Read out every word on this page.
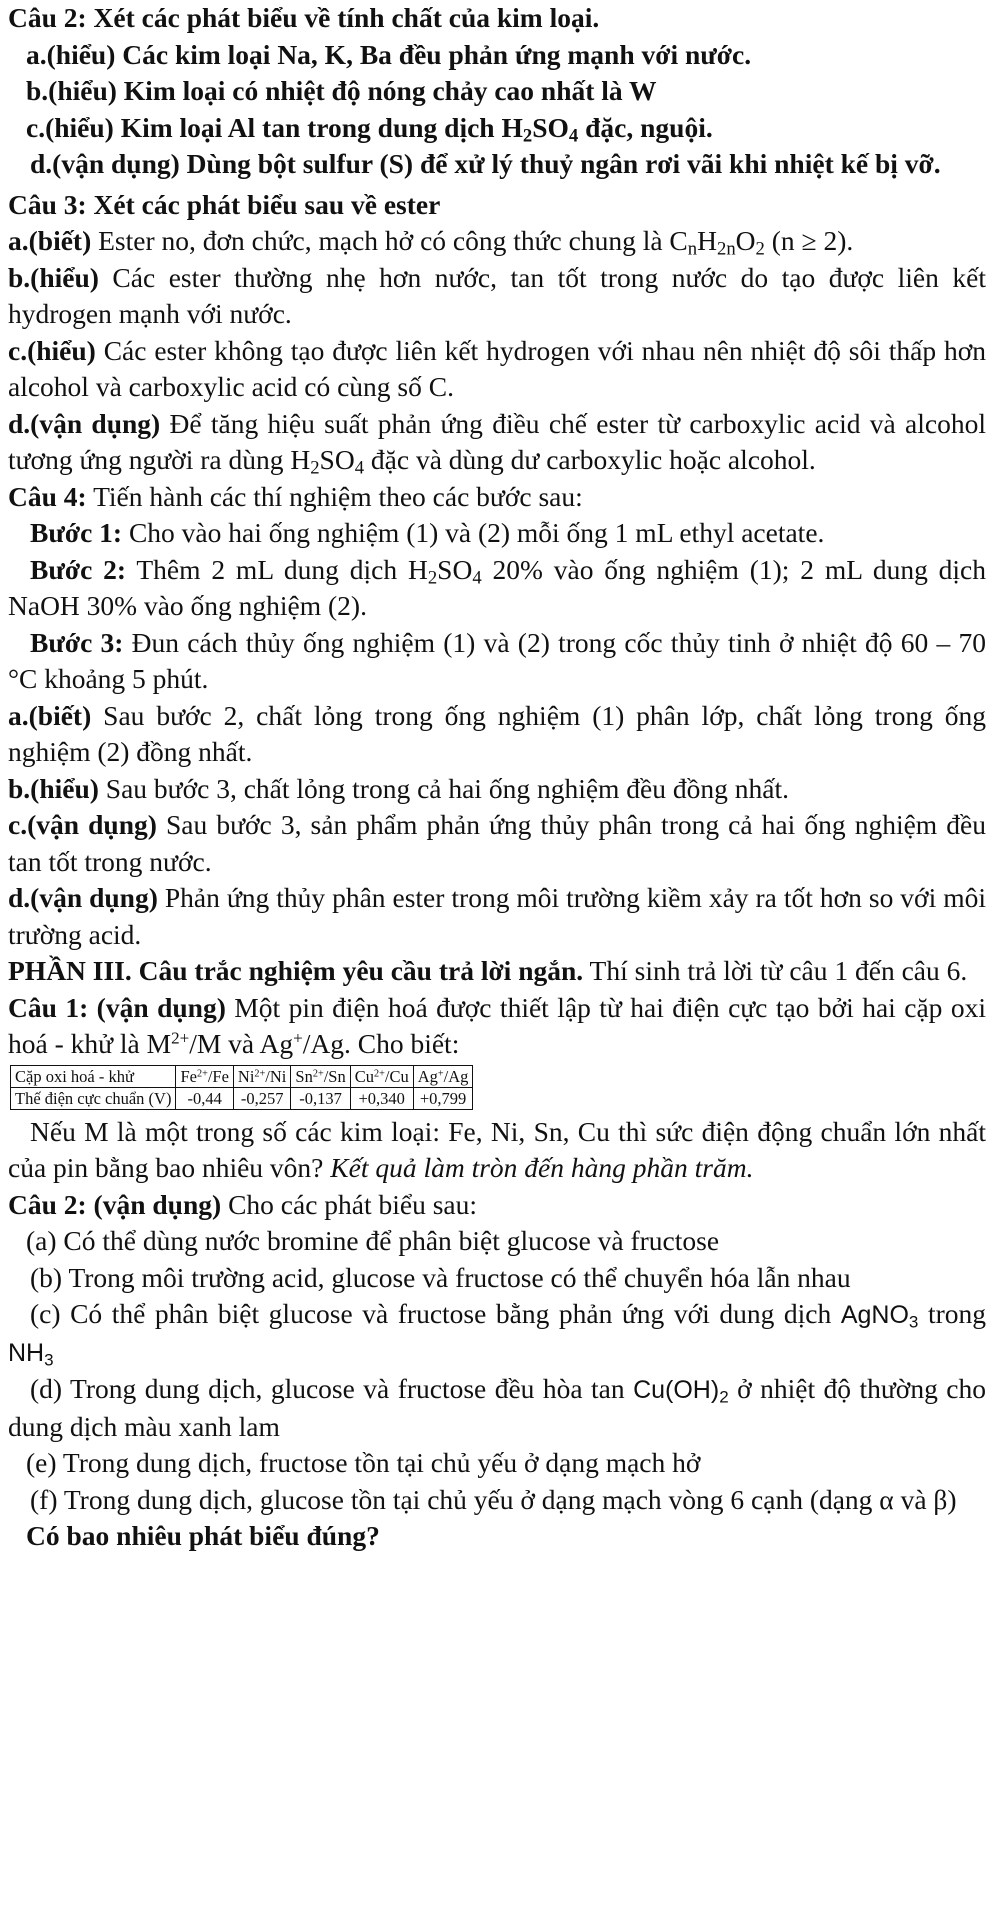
Câu 2: Xét các phát biểu về tính chất của kim loại.

a.(hiểu) Các kim loại Na, K, Ba đều phản ứng mạnh với nước.

b.(hiểu) Kim loại có nhiệt độ nóng chảy cao nhất là W

c.(hiểu) Kim loại Al tan trong dung dịch $H_2SO_4$ đặc, nguội.

d.(vận dụng) Dùng bột sulfur (S) để xử lý thuỷ ngân rơi vãi khi nhiệt kế bị vỡ.

Câu 3: Xét các phát biểu sau về ester

a.(biết) Ester no, đơn chức, mạch hở có công thức chung là $C_nH_{2n}O_2$ (n ≥ 2).

b.(hiểu) Các ester thường nhẹ hơn nước, tan tốt trong nước do tạo được liên kết hydrogen mạnh với nước.

c.(hiểu) Các ester không tạo được liên kết hydrogen với nhau nên nhiệt độ sôi thấp hơn alcohol và carboxylic acid có cùng số C.

d.(vận dụng) Để tăng hiệu suất phản ứng điều chế ester từ carboxylic acid và alcohol tương ứng người ra dùng $H_2SO_4$ đặc và dùng dư carboxylic hoặc alcohol.

Câu 4: Tiến hành các thí nghiệm theo các bước sau:

Bước 1: Cho vào hai ống nghiệm (1) và (2) mỗi ống 1 mL ethyl acetate.

Bước 2: Thêm 2 mL dung dịch $H_2SO_4$ 20% vào ống nghiệm (1); 2 mL dung dịch NaOH 30% vào ống nghiệm (2).

Bước 3: Đun cách thủy ống nghiệm (1) và (2) trong cốc thủy tinh ở nhiệt độ 60 – 70 °C khoảng 5 phút.

a.(biết) Sau bước 2, chất lỏng trong ống nghiệm (1) phân lớp, chất lỏng trong ống nghiệm (2) đồng nhất.

b.(hiểu) Sau bước 3, chất lỏng trong cả hai ống nghiệm đều đồng nhất.

c.(vận dụng) Sau bước 3, sản phẩm phản ứng thủy phân trong cả hai ống nghiệm đều tan tốt trong nước.

d.(vận dụng) Phản ứng thủy phân ester trong môi trường kiềm xảy ra tốt hơn so với môi trường acid.

PHẦN III. Câu trắc nghiệm yêu cầu trả lời ngắn. Thí sinh trả lời từ câu 1 đến câu 6.

Câu 1: (vận dụng) Một pin điện hoá được thiết lập từ hai điện cực tạo bởi hai cặp oxi hoá - khử là $M^{2+}/M$ và Ag+/Ag. Cho biết:

Cặp oxi hoá - khử	$Fe^{2+}/Fe$	$Ni^{2+}/Ni$	$Sn^{2+}/Sn$	$Cu^{2+}/Cu$	Ag+/Ag
Thế điện cực chuẩn (V)	-0,44	-0,257	-0,137	+0,340	+0,799

Nếu M là một trong số các kim loại: Fe, Ni, Sn, Cu thì sức điện động chuẩn lớn nhất của pin bằng bao nhiêu vôn? Kết quả làm tròn đến hàng phần trăm.

Câu 2: (vận dụng) Cho các phát biểu sau:

(a) Có thể dùng nước bromine để phân biệt glucose và fructose

(b) Trong môi trường acid, glucose và fructose có thể chuyển hóa lẫn nhau

(c) Có thể phân biệt glucose và fructose bằng phản ứng với dung dịch AgNO$_3$ trong $NH_3$

(d) Trong dung dịch, glucose và fructose đều hòa $\tan Cu(OH)_2$ ở nhiệt độ thường cho dung dịch màu xanh lam

(e) Trong dung dịch, fructose tồn tại chủ yếu ở dạng mạch hở

(f) Trong dung dịch, glucose tồn tại chủ yếu ở dạng mạch vòng 6 cạnh (dạng α và β)

Có bao nhiêu phát biểu đúng?
